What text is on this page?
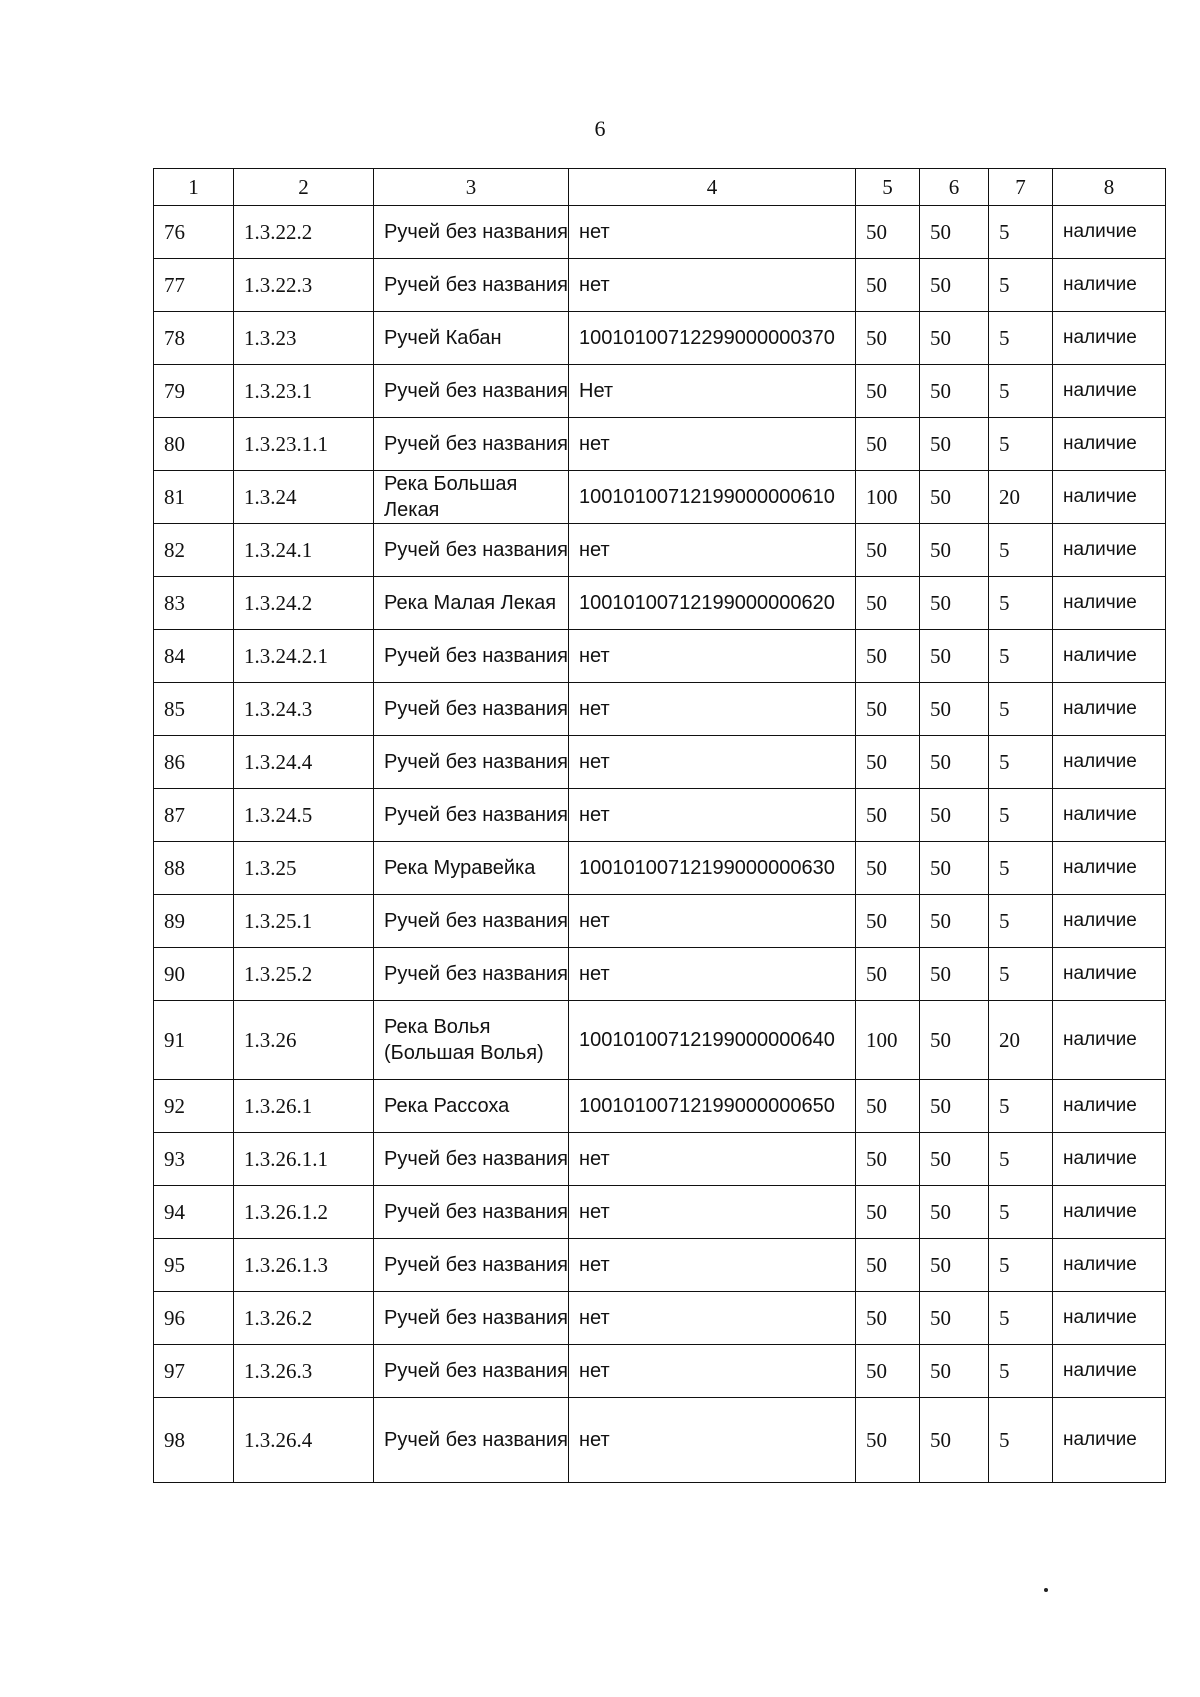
6
1	2	3	4	5	6	7	8
76	1.3.22.2	Ручей без названия	нет	50	50	5	наличие
77	1.3.22.3	Ручей без названия	нет	50	50	5	наличие
78	1.3.23	Ручей Кабан	10010100712299000000370	50	50	5	наличие
79	1.3.23.1	Ручей без названия	Нет	50	50	5	наличие
80	1.3.23.1.1	Ручей без названия	нет	50	50	5	наличие
81	1.3.24	Река Большая Лекая	10010100712199000000610	100	50	20	наличие
82	1.3.24.1	Ручей без названия	нет	50	50	5	наличие
83	1.3.24.2	Река Малая Лекая	10010100712199000000620	50	50	5	наличие
84	1.3.24.2.1	Ручей без названия	нет	50	50	5	наличие
85	1.3.24.3	Ручей без названия	нет	50	50	5	наличие
86	1.3.24.4	Ручей без названия	нет	50	50	5	наличие
87	1.3.24.5	Ручей без названия	нет	50	50	5	наличие
88	1.3.25	Река Муравейка	10010100712199000000630	50	50	5	наличие
89	1.3.25.1	Ручей без названия	нет	50	50	5	наличие
90	1.3.25.2	Ручей без названия	нет	50	50	5	наличие
91	1.3.26	Река Волья (Большая Волья)	10010100712199000000640	100	50	20	наличие
92	1.3.26.1	Река Рассоха	10010100712199000000650	50	50	5	наличие
93	1.3.26.1.1	Ручей без названия	нет	50	50	5	наличие
94	1.3.26.1.2	Ручей без названия	нет	50	50	5	наличие
95	1.3.26.1.3	Ручей без названия	нет	50	50	5	наличие
96	1.3.26.2	Ручей без названия	нет	50	50	5	наличие
97	1.3.26.3	Ручей без названия	нет	50	50	5	наличие
98	1.3.26.4	Ручей без названия	нет	50	50	5	наличие
